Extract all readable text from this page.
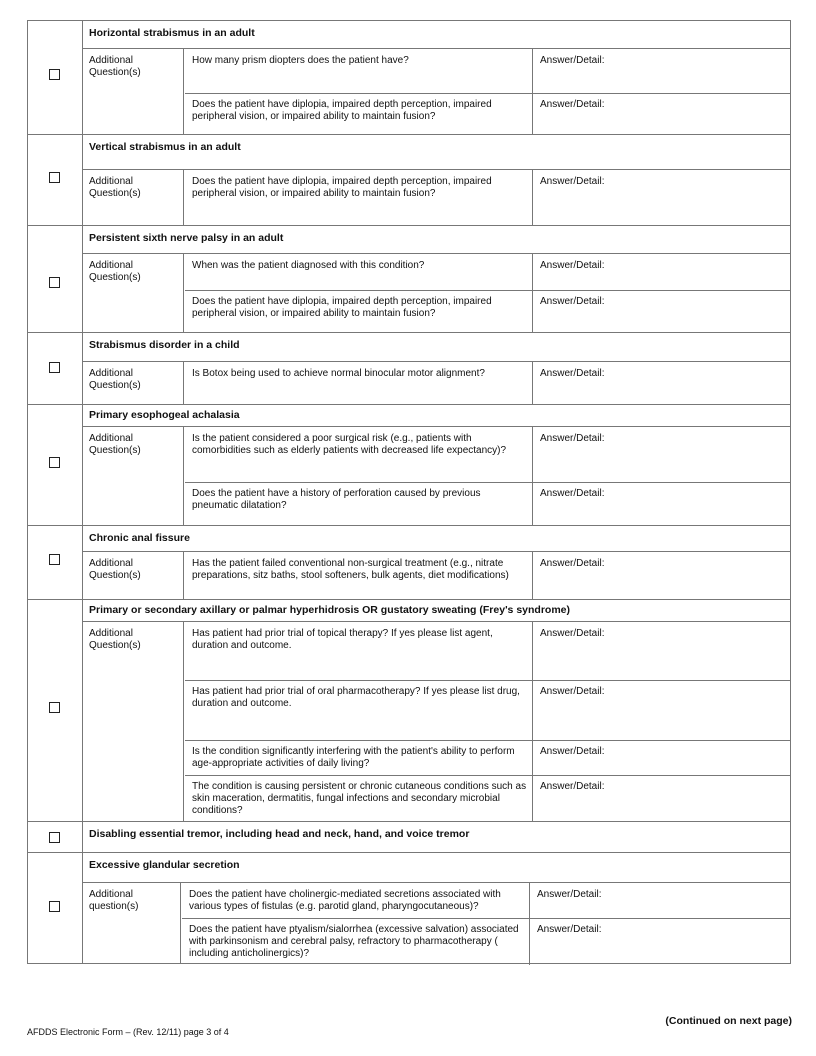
Horizontal strabismus in an adult
Additional Question(s)
How many prism diopters does the patient have?	Answer/Detail:
Does the patient have diplopia, impaired depth perception, impaired peripheral vision, or impaired ability to maintain fusion?
Answer/Detail:
Vertical strabismus in an adult
Additional Question(s)
Does the patient have diplopia, impaired depth perception, impaired peripheral vision, or impaired ability to maintain fusion?
Answer/Detail:
Persistent sixth nerve palsy in an adult
Additional Question(s)
When was the patient diagnosed with this condition?	Answer/Detail:
Does the patient have diplopia, impaired depth perception, impaired peripheral vision, or impaired ability to maintain fusion?
Answer/Detail:
Strabismus disorder in a child
Additional Question(s)
Is Botox being used to achieve normal binocular motor alignment?	Answer/Detail:
Primary esophogeal achalasia
Additional Question(s)
Is the patient considered a poor surgical risk (e.g., patients with comorbidities such as elderly patients with decreased life expectancy)?
Answer/Detail:
Does the patient have a history of perforation caused by previous pneumatic dilatation?
Answer/Detail:
Chronic anal fissure
Additional Question(s)
Has the patient failed conventional non-surgical treatment (e.g., nitrate preparations, sitz baths, stool softeners, bulk agents, diet modifications)
Answer/Detail:
Primary or secondary axillary or palmar hyperhidrosis OR gustatory sweating (Frey's syndrome)
Additional Question(s)
Has patient had prior trial of topical therapy? If yes please list agent, duration and outcome.
Answer/Detail:
Has patient had prior trial of oral pharmacotherapy? If yes please list drug, duration and outcome.
Answer/Detail:
Is the condition significantly interfering with the patient's ability to perform age-appropriate activities of daily living?
Answer/Detail:
The condition is causing persistent or chronic cutaneous conditions such as skin maceration, dermatitis, fungal infections and secondary microbial conditions?
Answer/Detail:
Disabling essential tremor, including head and neck, hand, and voice tremor
Excessive glandular secretion
Additional question(s)
Does the patient have cholinergic-mediated secretions associated with various types of fistulas (e.g. parotid gland, pharyngocutaneous)?
Answer/Detail:
Does the patient have ptyalism/sialorrhea (excessive salvation) associated with parkinsonism and cerebral palsy, refractory to pharmacotherapy ( including anticholinergics)?
Answer/Detail:
(Continued on next page)
AFDDS Electronic Form – (Rev. 12/11) page 3 of 4
